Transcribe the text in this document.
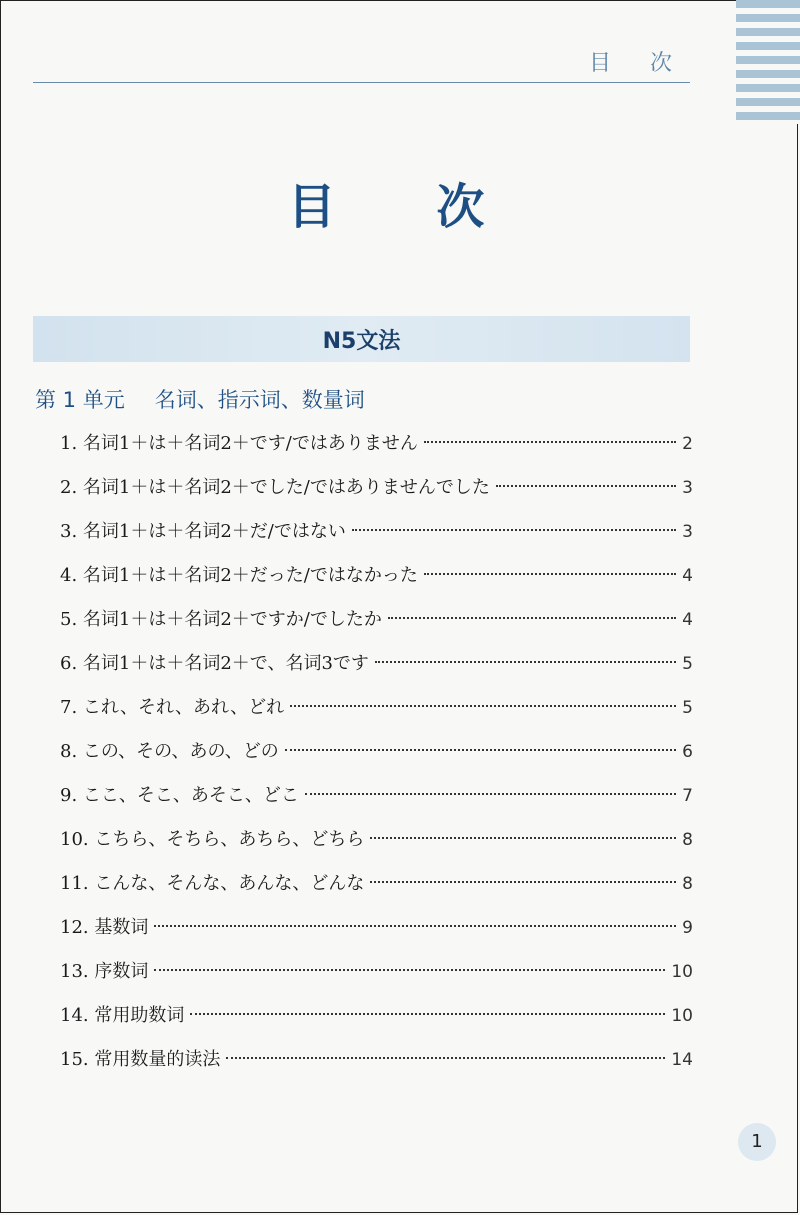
目 次
目 次
N5文法
第 1 单元 名词、指示词、数量词
1. 名词1＋は＋名词2＋です/ではありません	2
2. 名词1＋は＋名词2＋でした/ではありませんでした	3
3. 名词1＋は＋名词2＋だ/ではない	3
4. 名词1＋は＋名词2＋だった/ではなかった	4
5. 名词1＋は＋名词2＋ですか/でしたか	4
6. 名词1＋は＋名词2＋で、名词3です	5
7. これ、それ、あれ、どれ	5
8. この、その、あの、どの	6
9. ここ、そこ、あそこ、どこ	7
10. こちら、そちら、あちら、どちら	8
11. こんな、そんな、あんな、どんな	8
12. 基数词	9
13. 序数词	10
14. 常用助数词	10
15. 常用数量的读法	14
1
